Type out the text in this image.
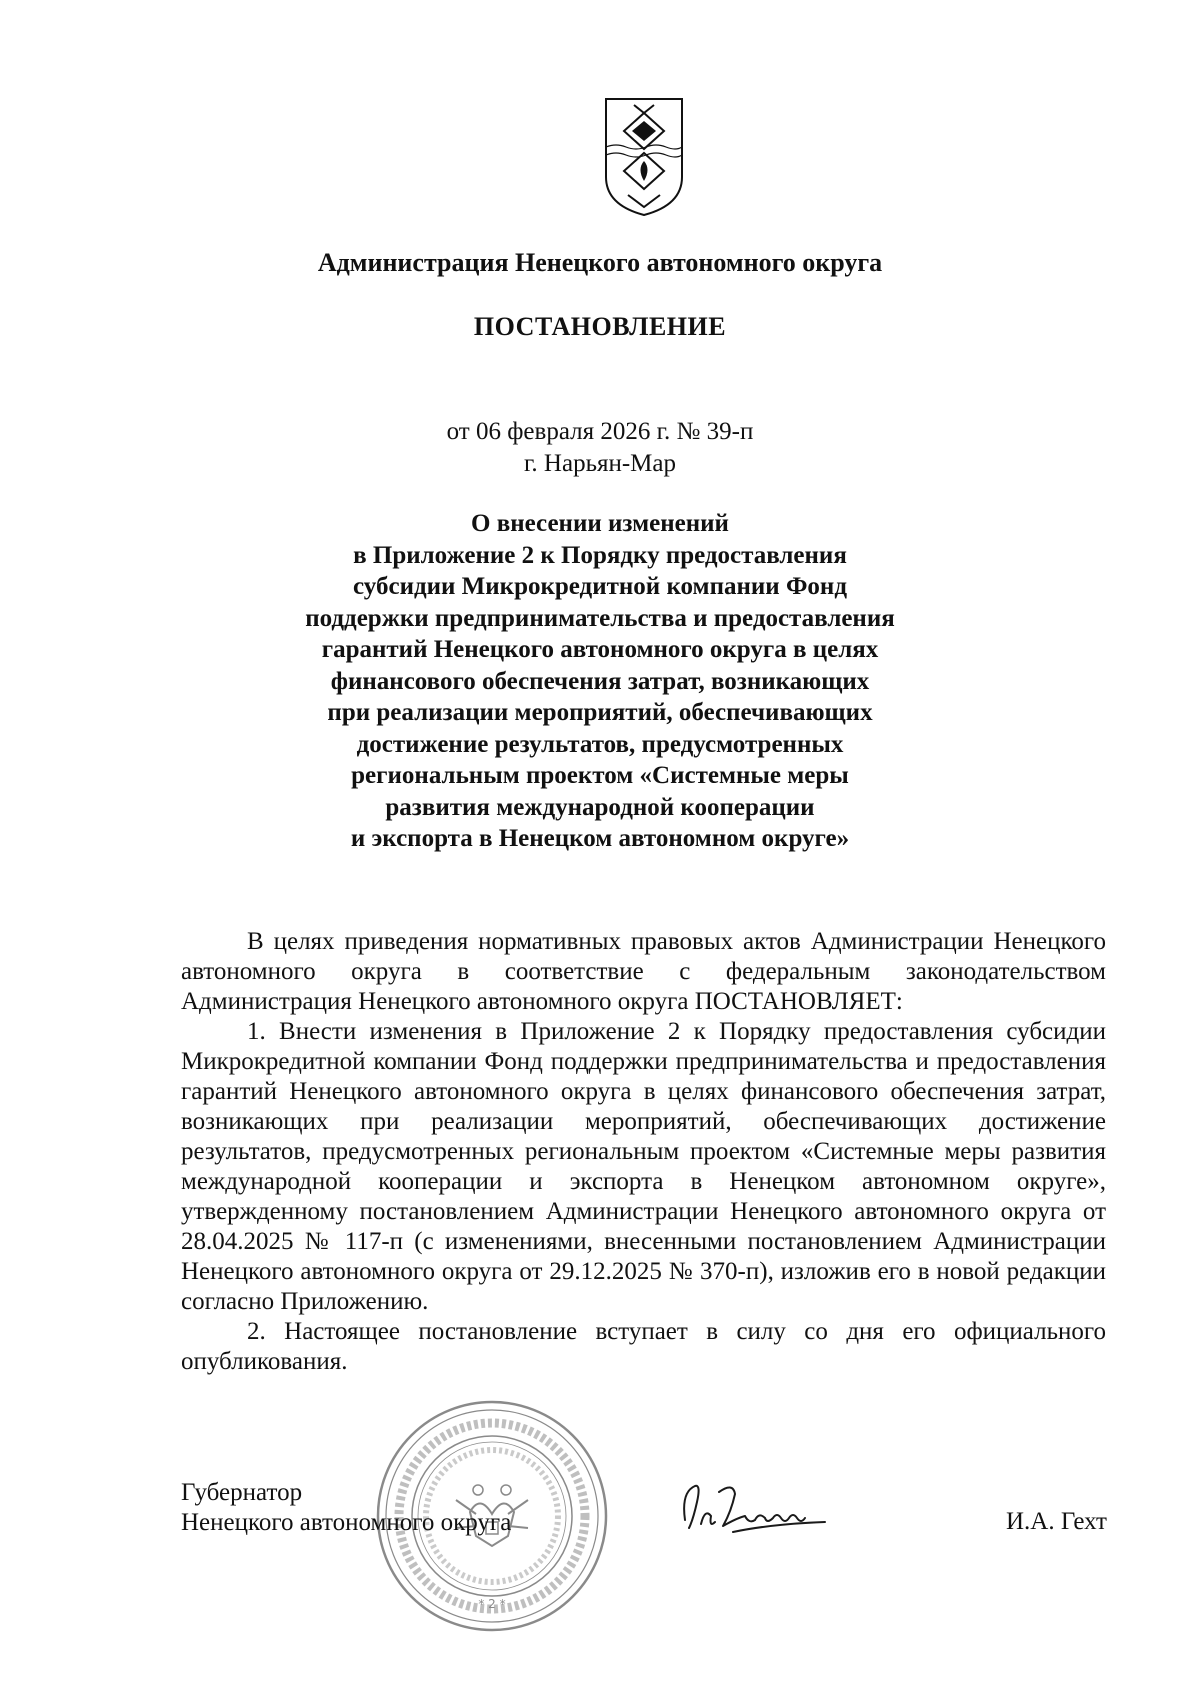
Администрация Ненецкого автономного округа
ПОСТАНОВЛЕНИЕ
от 06 февраля 2026 г. № 39-п
г. Нарьян-Мар
О внесении изменений
в Приложение 2 к Порядку предоставления
субсидии Микрокредитной компании Фонд
поддержки предпринимательства и предоставления
гарантий Ненецкого автономного округа в целях
финансового обеспечения затрат, возникающих
при реализации мероприятий, обеспечивающих
достижение результатов, предусмотренных
региональным проектом «Системные меры
развития международной кооперации
и экспорта в Ненецком автономном округе»

В целях приведения нормативных правовых актов Администрации Ненецкого автономного округа в соответствие с федеральным законодательством Администрация Ненецкого автономного округа ПОСТАНОВЛЯЕТ:

1. Внести изменения в Приложение 2 к Порядку предоставления субсидии Микрокредитной компании Фонд поддержки предпринимательства и предоставления гарантий Ненецкого автономного округа в целях финансового обеспечения затрат, возникающих при реализации мероприятий, обеспечивающих достижение результатов, предусмотренных региональным проектом «Системные меры развития международной кооперации и экспорта в Ненецком автономном округе», утвержденному постановлением Администрации Ненецкого автономного округа от 28.04.2025 № 117-п (с изменениями, внесенными постановлением Администрации Ненецкого автономного округа от 29.12.2025 № 370-п), изложив его в новой редакции согласно Приложению.

2. Настоящее постановление вступает в силу со дня его официального опубликования.

* 2 *
Губернатор
Ненецкого автономного округа	И.А. Гехт
